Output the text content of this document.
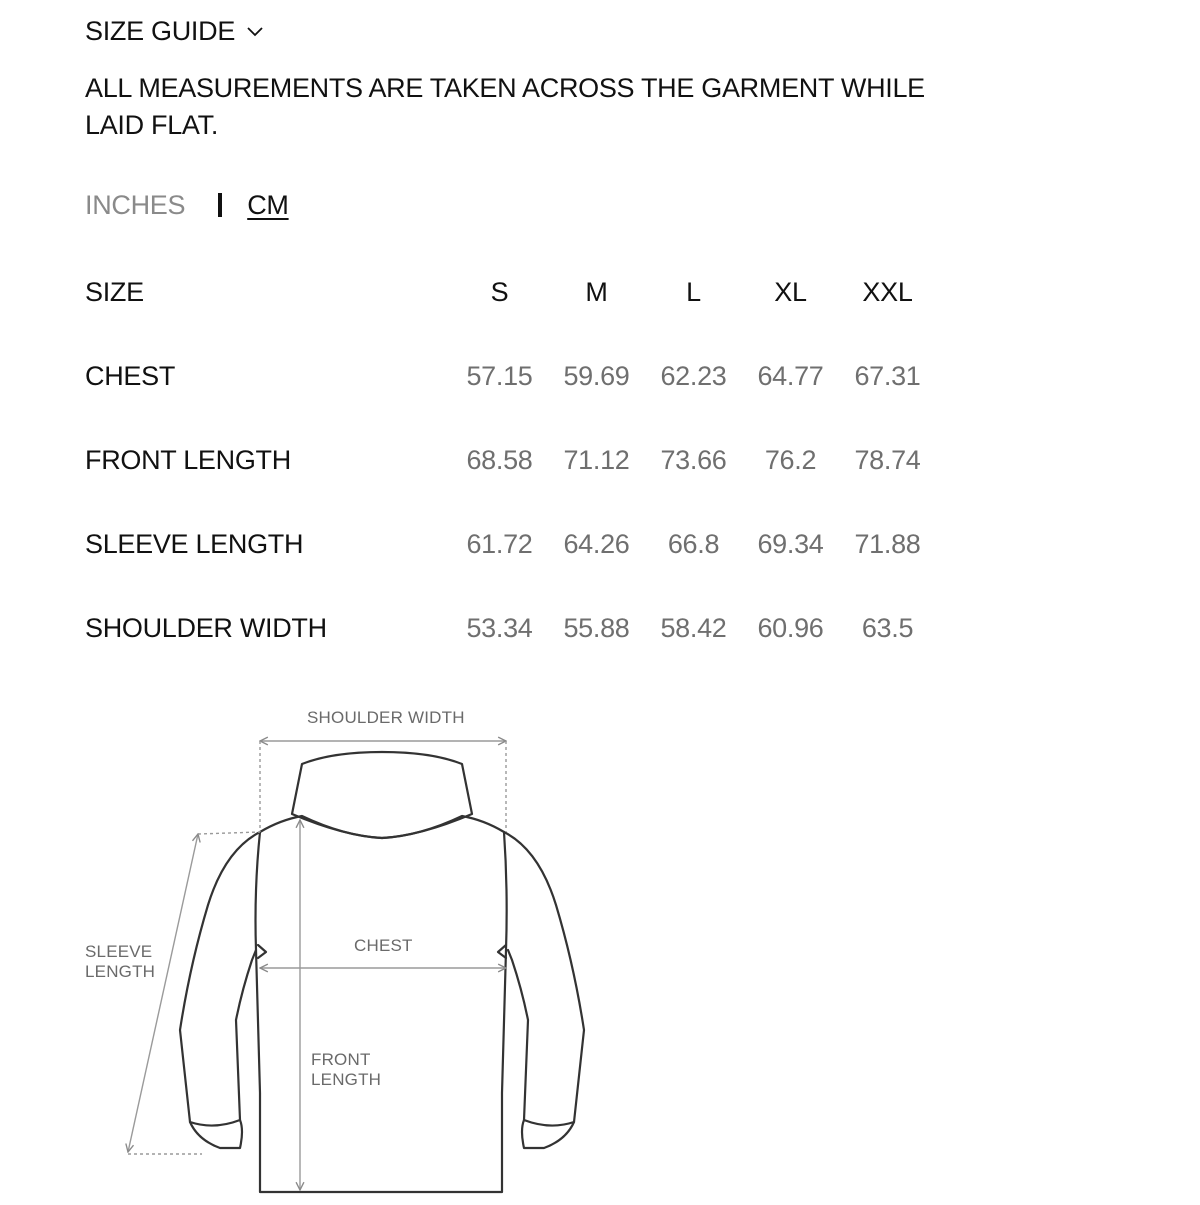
SIZE GUIDE
ALL MEASUREMENTS ARE TAKEN ACROSS THE GARMENT WHILE
LAID FLAT.
INCHES CM
SIZE	S	M	L	XL	XXL
CHEST	57.15	59.69	62.23	64.77	67.31
FRONT LENGTH	68.58	71.12	73.66	76.2	78.74
SLEEVE LENGTH	61.72	64.26	66.8	69.34	71.88
SHOULDER WIDTH	53.34	55.88	58.42	60.96	63.5
SHOULDER WIDTH
CHEST
SLEEVE
LENGTH
FRONT
LENGTH
